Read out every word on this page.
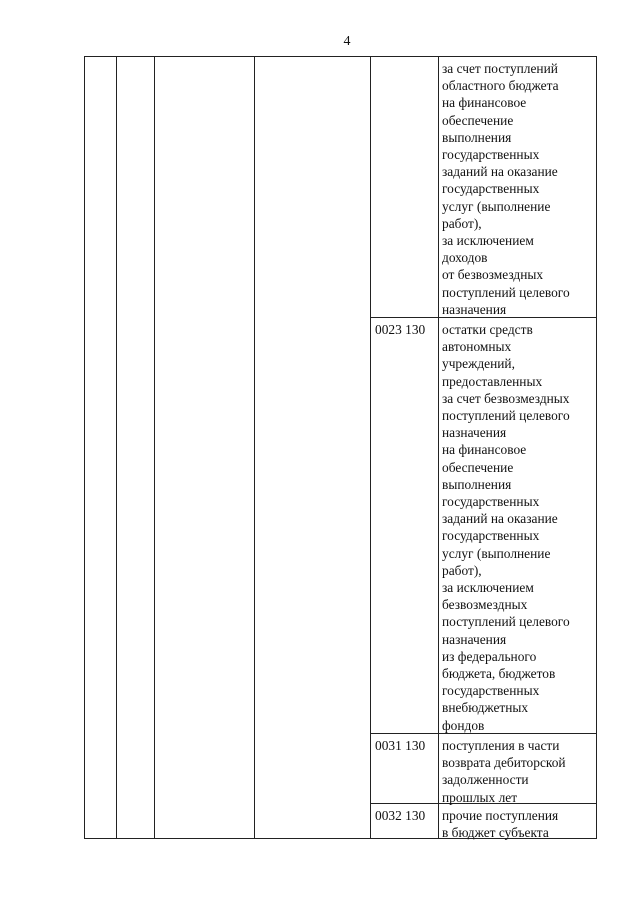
4
за счет поступлений
областного бюджета
на финансовое
обеспечение
выполнения
государственных
заданий на оказание
государственных
услуг (выполнение
работ),
за исключением
доходов
от безвозмездных
поступлений целевого
назначения
0023 130 остатки средств
автономных
учреждений,
предоставленных
за счет безвозмездных
поступлений целевого
назначения
на финансовое
обеспечение
выполнения
государственных
заданий на оказание
государственных
услуг (выполнение
работ),
за исключением
безвозмездных
поступлений целевого
назначения
из федерального
бюджета, бюджетов
государственных
внебюджетных
фондов
0031 130 поступления в части
возврата дебиторской
задолженности
прошлых лет
0032 130 прочие поступления
в бюджет субъекта
